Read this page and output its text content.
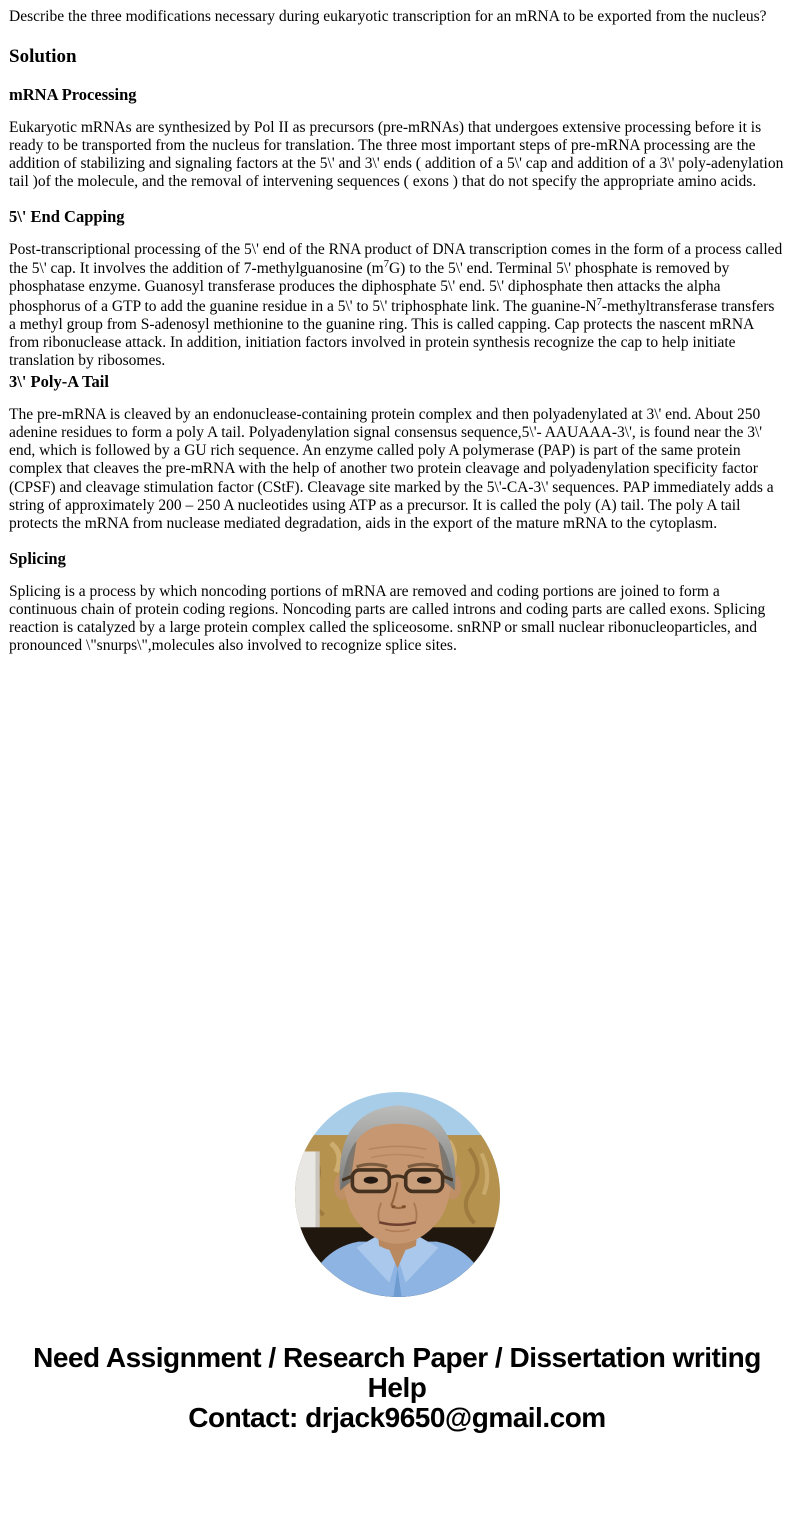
Describe the three modifications necessary during eukaryotic transcription for an mRNA to be exported from the nucleus?

Solution
mRNA Processing

Eukaryotic mRNAs are synthesized by Pol II as precursors (pre-mRNAs) that undergoes extensive processing before it is ready to be transported from the nucleus for translation. The three most important steps of pre-mRNA processing are the addition of stabilizing and signaling factors at the 5\' and 3\' ends ( addition of a 5\' cap and addition of a 3\' poly-adenylation tail )of the molecule, and the removal of intervening sequences ( exons ) that do not specify the appropriate amino acids.

5\' End Capping

Post-transcriptional processing of the 5\' end of the RNA product of DNA transcription comes in the form of a process called the 5\' cap. It involves the addition of 7-methylguanosine $(m^7G)$ to the 5\' end. Terminal 5\' phosphate is removed by phosphatase enzyme. Guanosyl transferase produces the diphosphate 5\' end. 5\' diphosphate then attacks the alpha phosphorus of a GTP to add the guanine residue in a 5\' to 5\' triphosphate link. The guanine-$N^7$-methyltransferase transfers a methyl group from S-adenosyl methionine to the guanine ring. This is called capping. Cap protects the nascent mRNA from ribonuclease attack. In addition, initiation factors involved in protein synthesis recognize the cap to help initiate translation by ribosomes.

3\' Poly-A Tail

The pre-mRNA is cleaved by an endonuclease-containing protein complex and then polyadenylated at 3\' end. About 250 adenine residues to form a poly A tail. Polyadenylation signal consensus sequence,5\'- AAUAAA-3\', is found near the 3\' end, which is followed by a GU rich sequence. An enzyme called poly A polymerase (PAP) is part of the same protein complex that cleaves the pre-mRNA with the help of another two protein cleavage and polyadenylation specificity factor (CPSF) and cleavage stimulation factor (CStF). Cleavage site marked by the 5\'-CA-3\' sequences. PAP immediately adds a string of approximately 200 – 250 A nucleotides using ATP as a precursor. It is called the poly (A) tail. The poly A tail protects the mRNA from nuclease mediated degradation, aids in the export of the mature mRNA to the cytoplasm.

Splicing

Splicing is a process by which noncoding portions of mRNA are removed and coding portions are joined to form a continuous chain of protein coding regions. Noncoding parts are called introns and coding parts are called exons. Splicing reaction is catalyzed by a large protein complex called the spliceosome. snRNP or small nuclear ribonucleoparticles, and pronounced \"snurps\",molecules also involved to recognize splice sites.

Need Assignment / Research Paper / Dissertation writing Help
Contact: drjack9650@gmail.com
